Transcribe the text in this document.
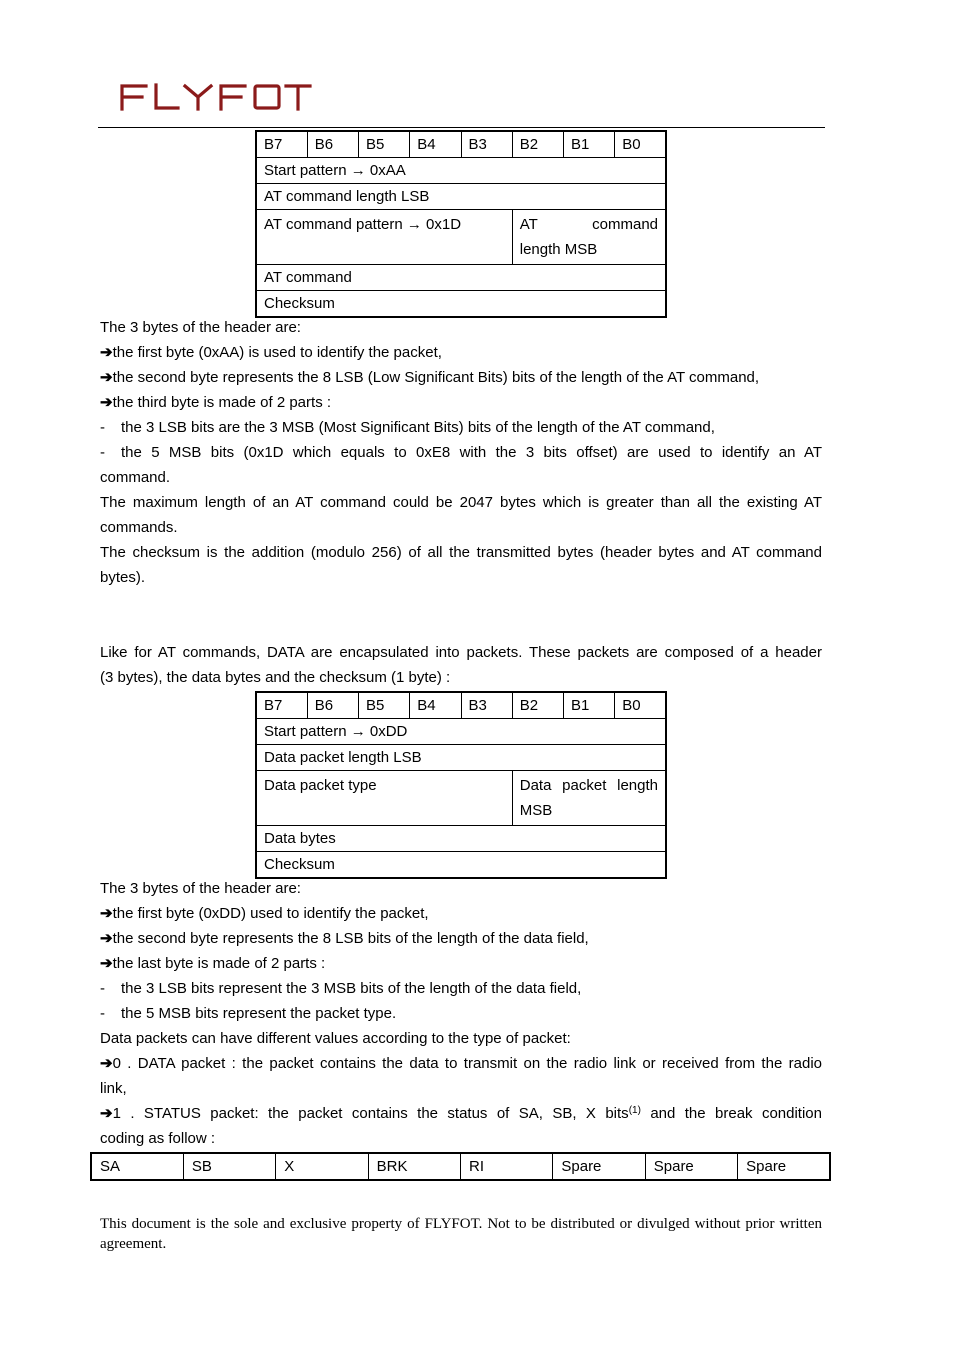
B7	B6	B5	B4	B3	B2	B1	B0
Start pattern → 0xAA							
AT command length LSB							
AT command pattern → 0x1D					AT command
length MSB		
AT command							
Checksum							
The 3 bytes of the header are:
➔the first byte (0xAA) is used to identify the packet,
➔the second byte represents the 8 LSB (Low Significant Bits) bits of the length of the AT command,
➔the third byte is made of 2 parts :
- the 3 LSB bits are the 3 MSB (Most Significant Bits) bits of the length of the AT command,
- the 5 MSB bits (0x1D which equals to 0xE8 with the 3 bits offset) are used to identify an AT
command.
The maximum length of an AT command could be 2047 bytes which is greater than all the existing AT
commands.
The checksum is the addition (modulo 256) of all the transmitted bytes (header bytes and AT command
bytes).
Like for AT commands, DATA are encapsulated into packets. These packets are composed of a header
(3 bytes), the data bytes and the checksum (1 byte) :
B7	B6	B5	B4	B3	B2	B1	B0
Start pattern → 0xDD							
Data packet length LSB							
Data packet type					Data packet length
MSB		
Data bytes							
Checksum							
The 3 bytes of the header are:
➔the first byte (0xDD) used to identify the packet,
➔the second byte represents the 8 LSB bits of the length of the data field,
➔the last byte is made of 2 parts :
- the 3 LSB bits represent the 3 MSB bits of the length of the data field,
- the 5 MSB bits represent the packet type.
Data packets can have different values according to the type of packet:
➔0 . DATA packet : the packet contains the data to transmit on the radio link or received from the radio
link,
➔1 . STATUS packet: the packet contains the status of SA, SB, X bits$^{(1)}$ and the break condition
coding as follow :
SA	SB	X	BRK	RI	Spare	Spare	Spare
This document is the sole and exclusive property of FLYFOT. Not to be distributed or divulged without prior written agreement.
